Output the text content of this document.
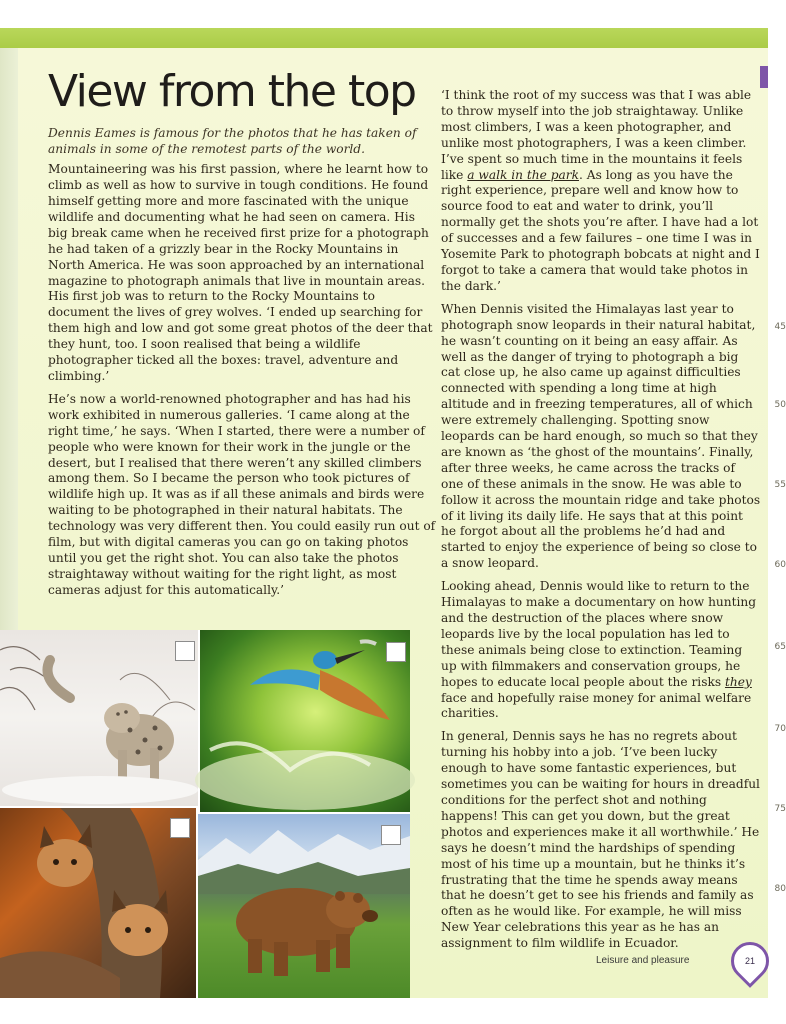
View from the top

Dennis Eames is famous for the photos that he has taken of animals in some of the remotest parts of the world.

Mountaineering was his first passion, where he learnt how to climb as well as how to survive in tough conditions. He found himself getting more and more fascinated with the unique wildlife and documenting what he had seen on camera. His big break came when he received first prize for a photograph he had taken of a grizzly bear in the Rocky Mountains in North America. He was soon approached by an international magazine to photograph animals that live in mountain areas. His first job was to return to the Rocky Mountains to document the lives of grey wolves. ‘I ended up searching for them high and low and got some great photos of the deer that they hunt, too. I soon realised that being a wildlife photographer ticked all the boxes: travel, adventure and climbing.’

He’s now a world-renowned photographer and has had his work exhibited in numerous galleries. ‘I came along at the right time,’ he says. ‘When I started, there were a number of people who were known for their work in the jungle or the desert, but I realised that there weren’t any skilled climbers among them. So I became the person who took pictures of wildlife high up. It was as if all these animals and birds were waiting to be photographed in their natural habitats. The technology was very different then. You could easily run out of film, but with digital cameras you can go on taking photos until you get the right shot. You can also take the photos straightaway without waiting for the right light, as most cameras adjust for this automatically.’

‘I think the root of my success was that I was able to throw myself into the job straightaway. Unlike most climbers, I was a keen photographer, and unlike most photographers, I was a keen climber. I’ve spent so much time in the mountains it feels like a walk in the park. As long as you have the right experience, prepare well and know how to source food to eat and water to drink, you’ll normally get the shots you’re after. I have had a lot of successes and a few failures – one time I was in Yosemite Park to photograph bobcats at night and I forgot to take a camera that would take photos in the dark.’

When Dennis visited the Himalayas last year to photograph snow leopards in their natural habitat, he wasn’t counting on it being an easy affair. As well as the danger of trying to photograph a big cat close up, he also came up against difficulties connected with spending a long time at high altitude and in freezing temperatures, all of which were extremely challenging. Spotting snow leopards can be hard enough, so much so that they are known as ‘the ghost of the mountains’. Finally, after three weeks, he came across the tracks of one of these animals in the snow. He was able to follow it across the mountain ridge and take photos of it living its daily life. He says that at this point he forgot about all the problems he’d had and started to enjoy the experience of being so close to a snow leopard.

Looking ahead, Dennis would like to return to the Himalayas to make a documentary on how hunting and the destruction of the places where snow leopards live by the local population has led to these animals being close to extinction. Teaming up with filmmakers and conservation groups, he hopes to educate local people about the risks they face and hopefully raise money for animal welfare charities.

In general, Dennis says he has no regrets about turning his hobby into a job. ‘I’ve been lucky enough to have some fantastic experiences, but sometimes you can be waiting for hours in dreadful conditions for the perfect shot and nothing happens! This can get you down, but the great photos and experiences make it all worthwhile.’ He says he doesn’t mind the hardships of spending most of his time up a mountain, but he thinks it’s frustrating that the time he spends away means that he doesn’t get to see his friends and family as often as he would like. For example, he will miss New Year celebrations this year as he has an assignment to film wildlife in Ecuador.

45
50
55
60
65
70
75
80
Leisure and pleasure	21
